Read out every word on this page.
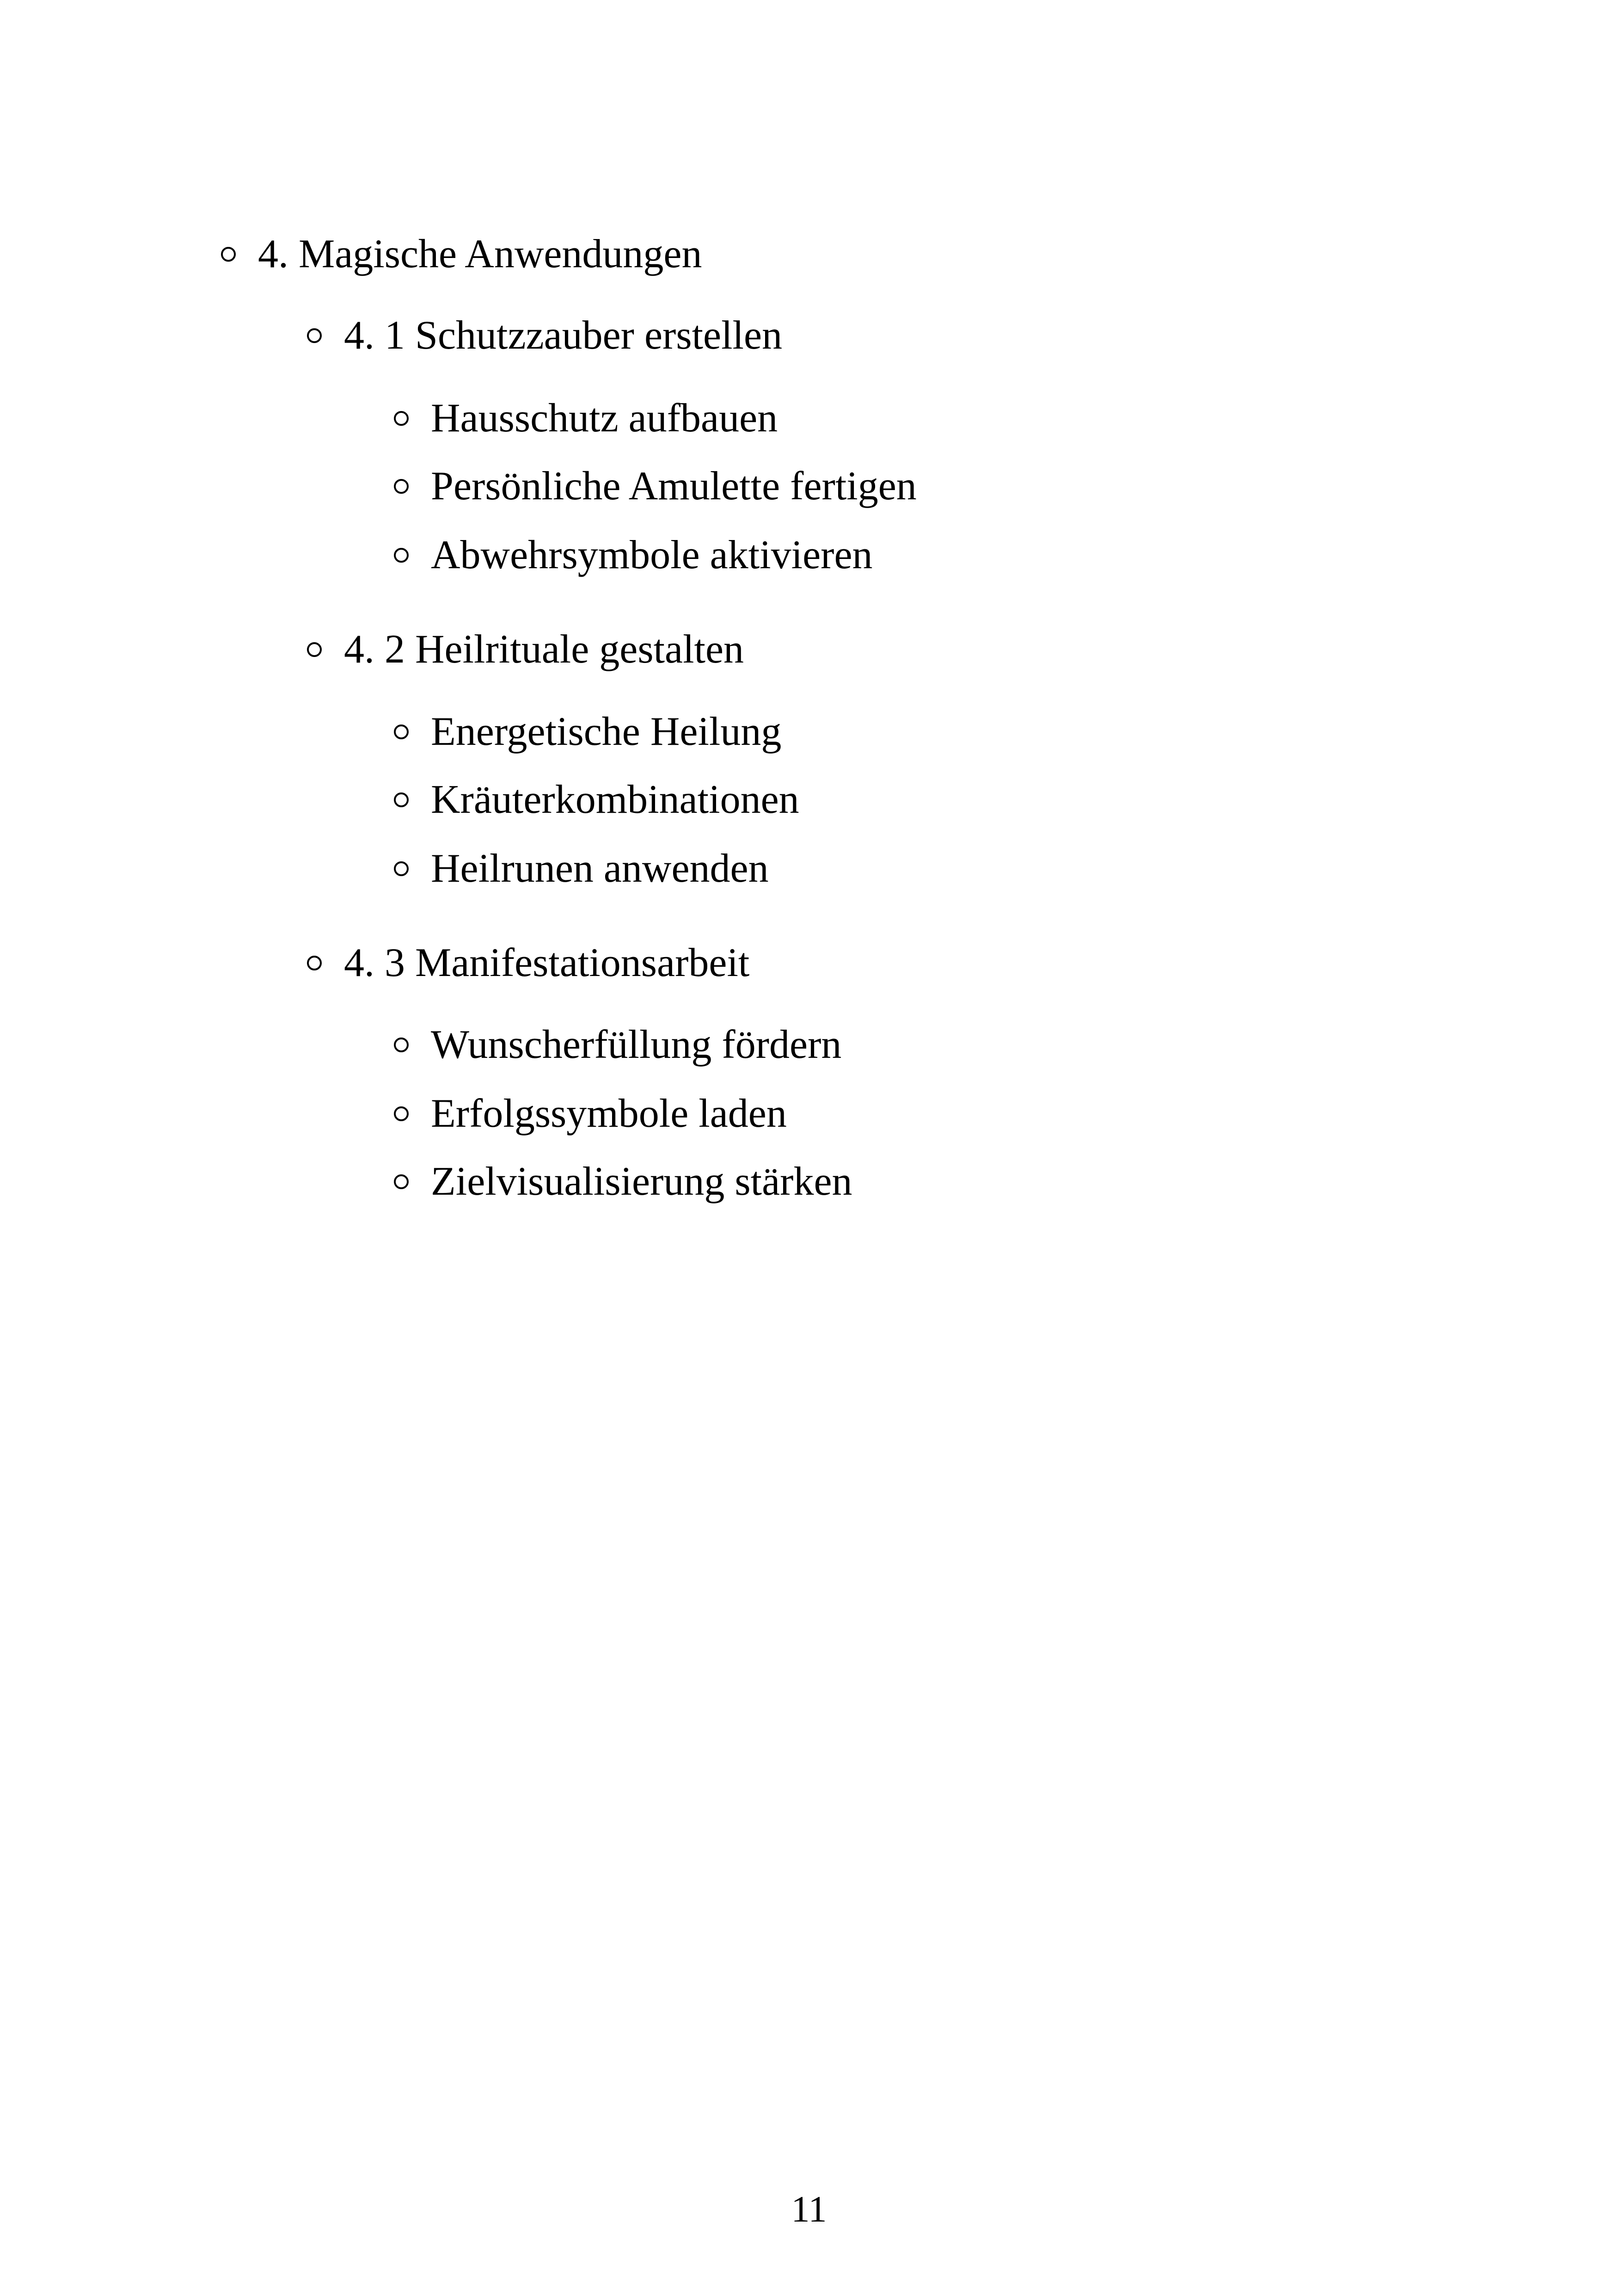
4. Magische Anwendungen
4. 1 Schutzzauber erstellen
Hausschutz aufbauen
Persönliche Amulette fertigen
Abwehrsymbole aktivieren
4. 2 Heilrituale gestalten
Energetische Heilung
Kräuterkombinationen
Heilrunen anwenden
4. 3 Manifestationsarbeit
Wunscherfüllung fördern
Erfolgssymbole laden
Zielvisualisierung stärken
11
